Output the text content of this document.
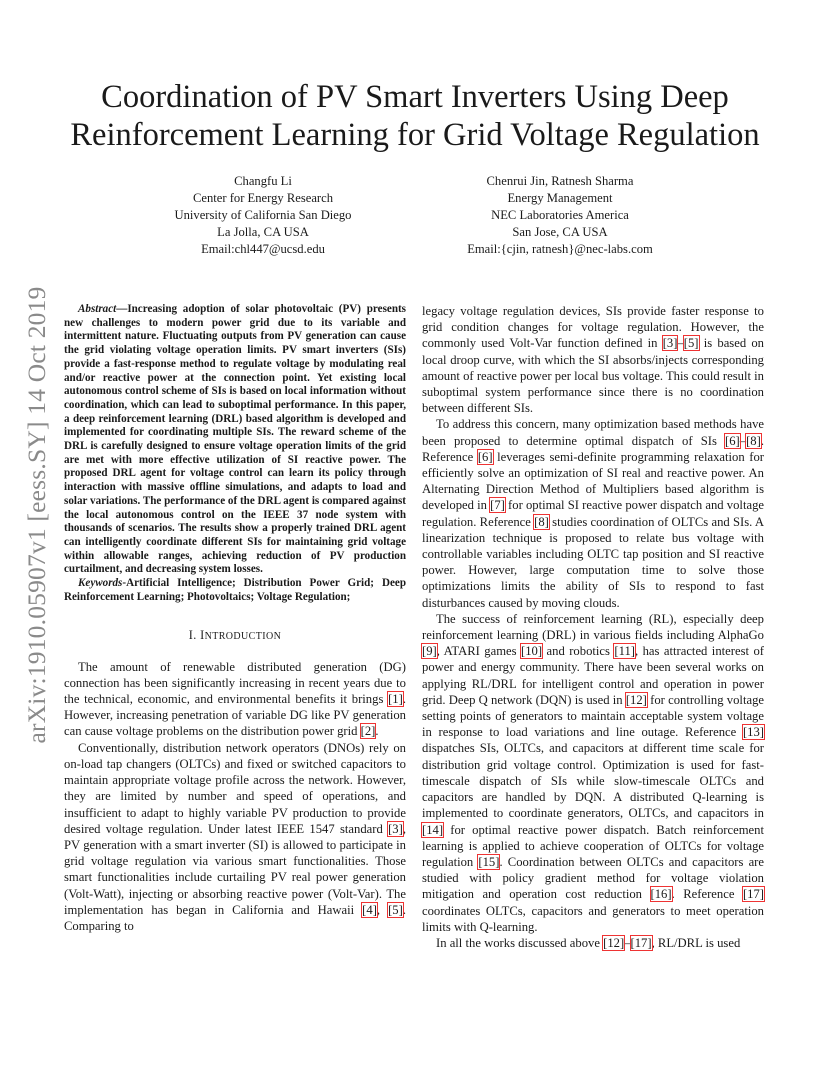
arXiv:1910.05907v1 [eess.SY] 14 Oct 2019
Coordination of PV Smart Inverters Using Deep
Reinforcement Learning for Grid Voltage Regulation
Changfu Li
Center for Energy Research
University of California San Diego
La Jolla, CA USA
Email:chl447@ucsd.edu
Chenrui Jin, Ratnesh Sharma
Energy Management
NEC Laboratories America
San Jose, CA USA
Email:{cjin, ratnesh}@nec-labs.com

Abstract—Increasing adoption of solar photovoltaic (PV) presents new challenges to modern power grid due to its variable and intermittent nature. Fluctuating outputs from PV generation can cause the grid violating voltage operation limits. PV smart inverters (SIs) provide a fast-response method to regulate voltage by modulating real and/or reactive power at the connection point. Yet existing local autonomous control scheme of SIs is based on local information without coordination, which can lead to suboptimal performance. In this paper, a deep reinforcement learning (DRL) based algorithm is developed and implemented for coordinating multiple SIs. The reward scheme of the DRL is carefully designed to ensure voltage operation limits of the grid are met with more effective utilization of SI reactive power. The proposed DRL agent for voltage control can learn its policy through interaction with massive offline simulations, and adapts to load and solar variations. The performance of the DRL agent is compared against the local autonomous control on the IEEE 37 node system with thousands of scenarios. The results show a properly trained DRL agent can intelligently coordinate different SIs for maintaining grid voltage within allowable ranges, achieving reduction of PV production curtailment, and decreasing system losses.

Keywords-Artificial Intelligence; Distribution Power Grid; Deep Reinforcement Learning; Photovoltaics; Voltage Regulation;

I. INTRODUCTION

The amount of renewable distributed generation (DG) connection has been significantly increasing in recent years due to the technical, economic, and environmental benefits it brings [1]. However, increasing penetration of variable DG like PV generation can cause voltage problems on the distribution power grid [2].

Conventionally, distribution network operators (DNOs) rely on on-load tap changers (OLTCs) and fixed or switched capacitors to maintain appropriate voltage profile across the network. However, they are limited by number and speed of operations, and insufficient to adapt to highly variable PV production to provide desired voltage regulation. Under latest IEEE 1547 standard [3], PV generation with a smart inverter (SI) is allowed to participate in grid voltage regulation via various smart functionalities. Those smart functionalities include curtailing PV real power generation (Volt-Watt), injecting or absorbing reactive power (Volt-Var). The implementation has began in California and Hawaii [4], [5]. Comparing to

legacy voltage regulation devices, SIs provide faster response to grid condition changes for voltage regulation. However, the commonly used Volt-Var function defined in [3]–[5] is based on local droop curve, with which the SI absorbs/injects corresponding amount of reactive power per local bus voltage. This could result in suboptimal system performance since there is no coordination between different SIs.

To address this concern, many optimization based methods have been proposed to determine optimal dispatch of SIs [6]–[8]. Reference [6] leverages semi-definite programming relaxation for efficiently solve an optimization of SI real and reactive power. An Alternating Direction Method of Multipliers based algorithm is developed in [7] for optimal SI reactive power dispatch and voltage regulation. Reference [8] studies coordination of OLTCs and SIs. A linearization technique is proposed to relate bus voltage with controllable variables including OLTC tap position and SI reactive power. However, large computation time to solve those optimizations limits the ability of SIs to respond to fast disturbances caused by moving clouds.

The success of reinforcement learning (RL), especially deep reinforcement learning (DRL) in various fields including AlphaGo [9], ATARI games [10] and robotics [11], has attracted interest of power and energy community. There have been several works on applying RL/DRL for intelligent control and operation in power grid. Deep Q network (DQN) is used in [12] for controlling voltage setting points of generators to maintain acceptable system voltage in response to load variations and line outage. Reference [13] dispatches SIs, OLTCs, and capacitors at different time scale for distribution grid voltage control. Optimization is used for fast-timescale dispatch of SIs while slow-timescale OLTCs and capacitors are handled by DQN. A distributed Q-learning is implemented to coordinate generators, OLTCs, and capacitors in [14] for optimal reactive power dispatch. Batch reinforcement learning is applied to achieve cooperation of OLTCs for voltage regulation [15]. Coordination between OLTCs and capacitors are studied with policy gradient method for voltage violation mitigation and operation cost reduction [16]. Reference [17] coordinates OLTCs, capacitors and generators to meet operation limits with Q-learning.

In all the works discussed above [12]–[17], RL/DRL is used
